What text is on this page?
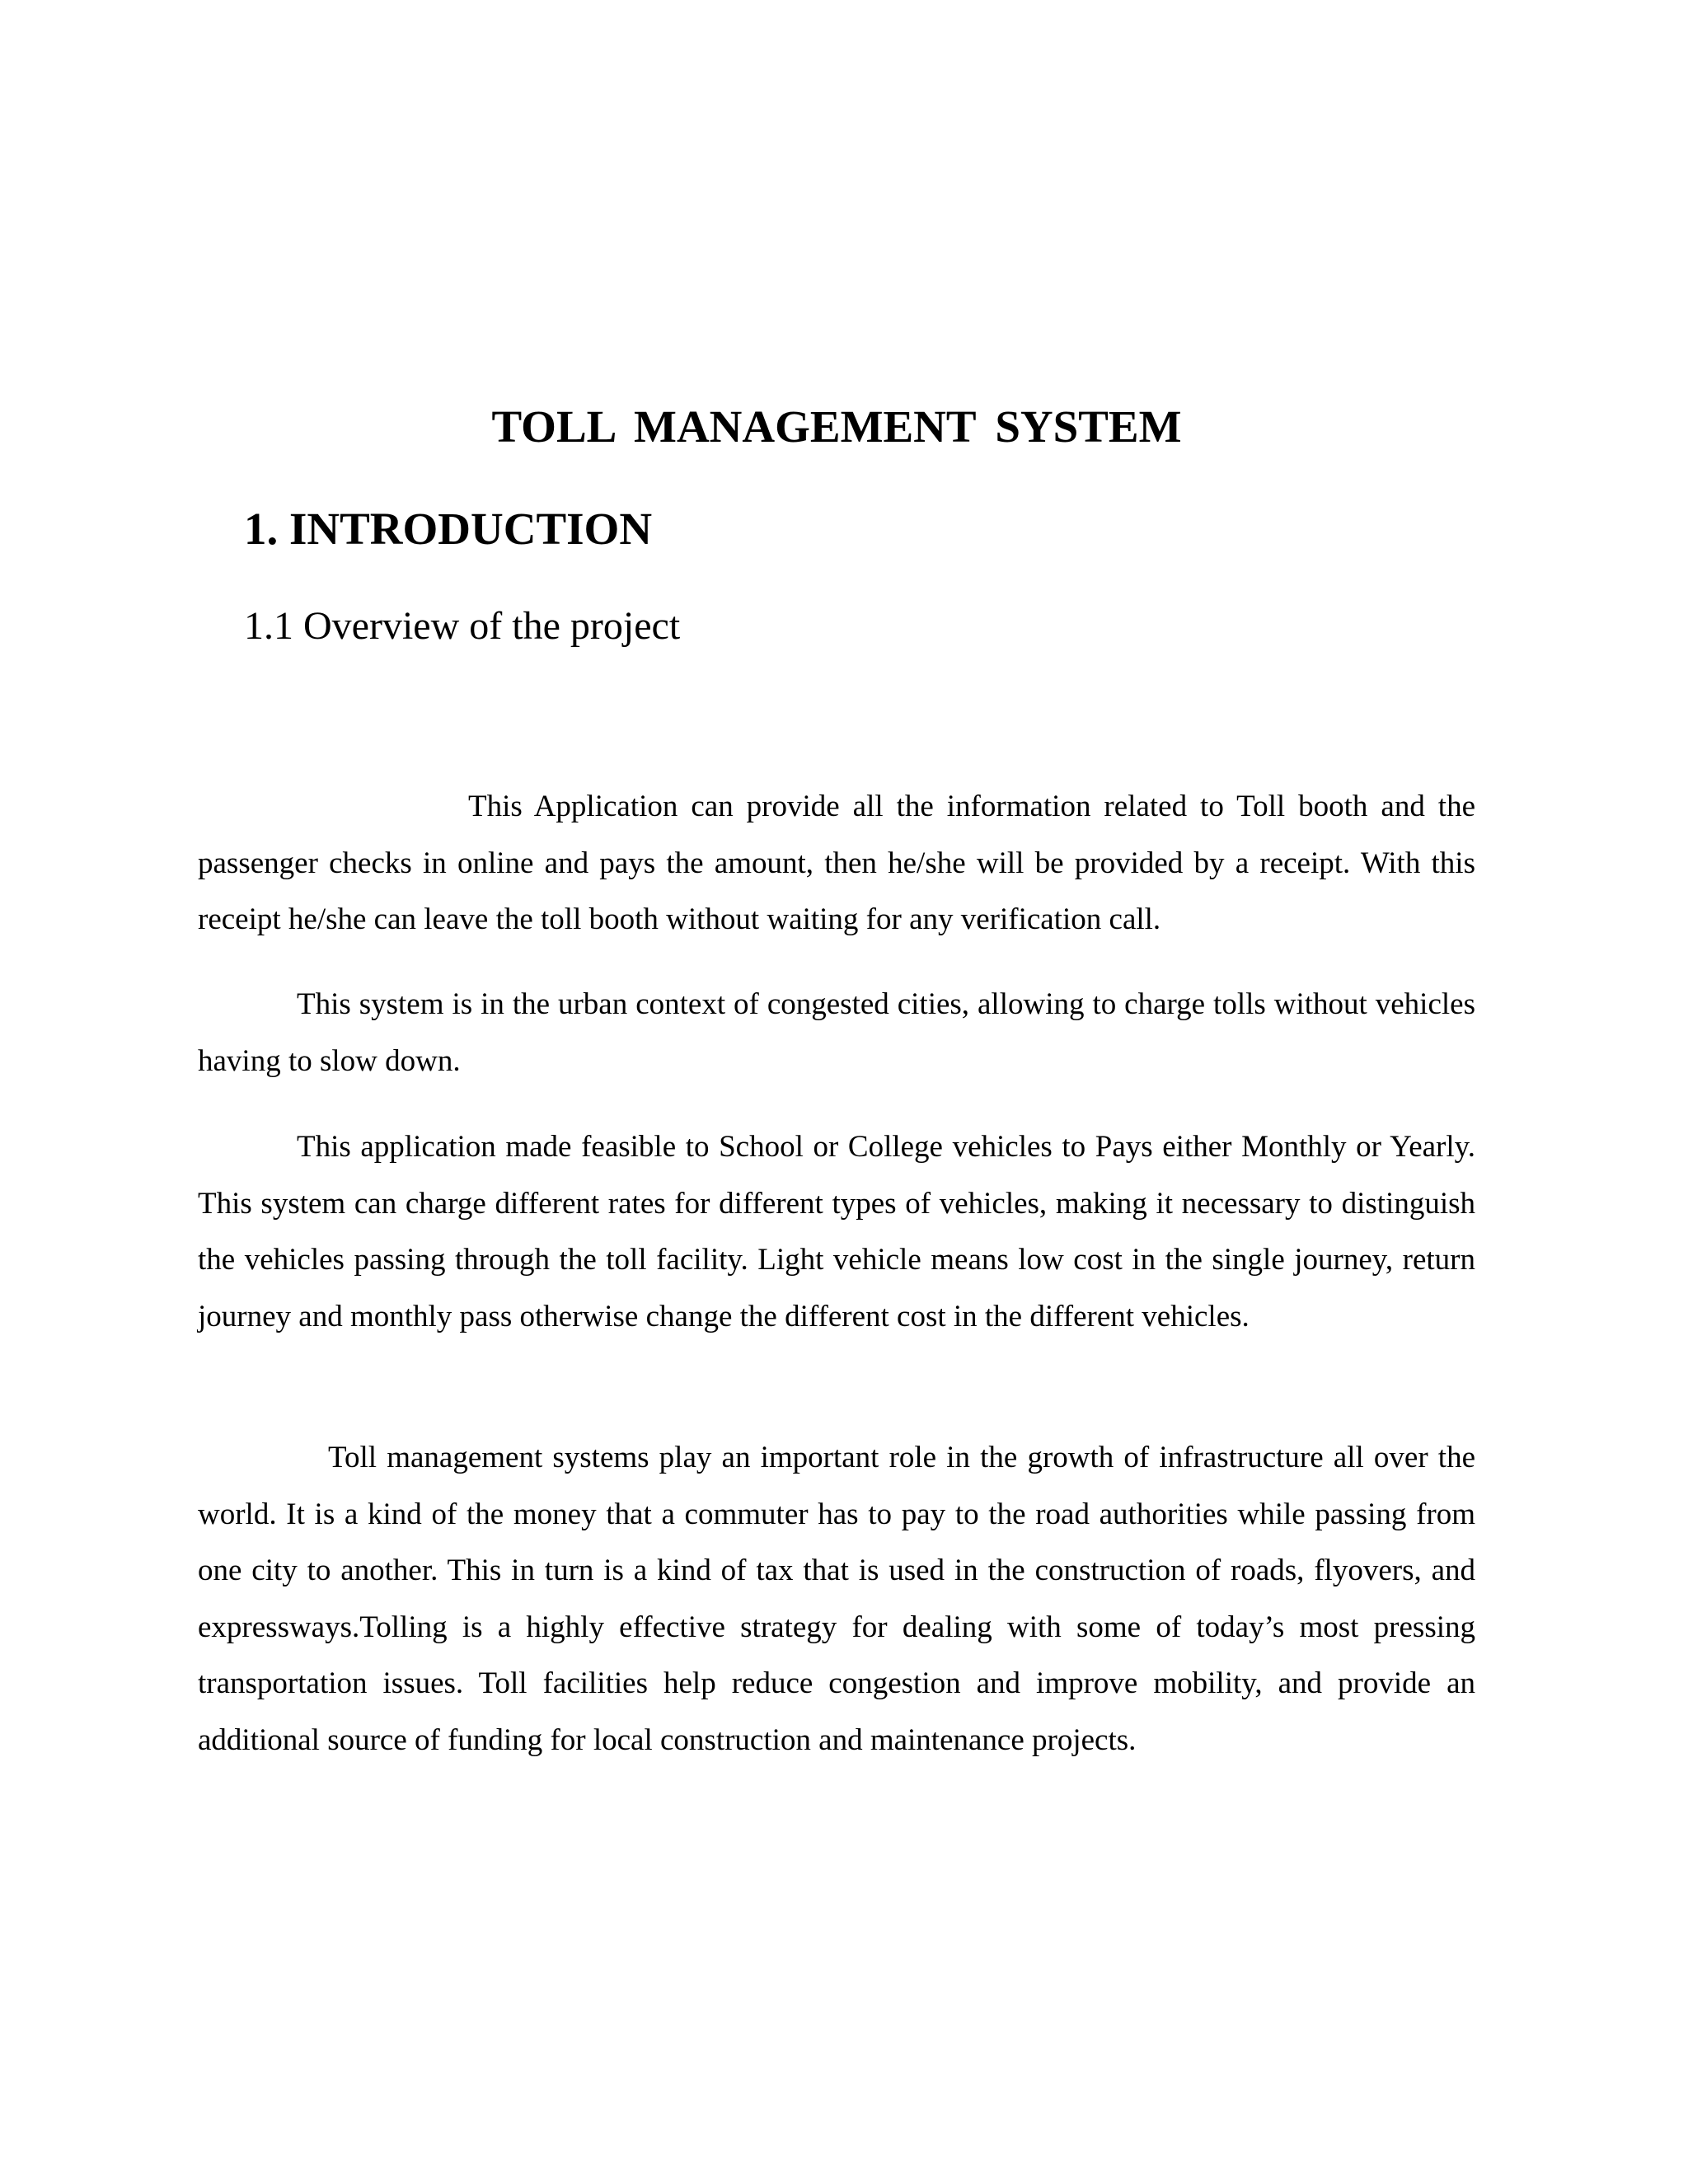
TOLL MANAGEMENT SYSTEM
1. INTRODUCTION
1.1 Overview of the project

This Application can provide all the information related to Toll booth and the passenger checks in online and pays the amount, then he/she will be provided by a receipt. With this receipt he/she can leave the toll booth without waiting for any verification call.

This system is in the urban context of congested cities, allowing to charge tolls without vehicles having to slow down.

This application made feasible to School or College vehicles to Pays either Monthly or Yearly. This system can charge different rates for different types of vehicles, making it necessary to distinguish the vehicles passing through the toll facility. Light vehicle means low cost in the single journey, return journey and monthly pass otherwise change the different cost in the different vehicles.

Toll management systems play an important role in the growth of infrastructure all over the world. It is a kind of the money that a commuter has to pay to the road authorities while passing from one city to another. This in turn is a kind of tax that is used in the construction of roads, flyovers, and expressways.Tolling is a highly effective strategy for dealing with some of today’s most pressing transportation issues. Toll facilities help reduce congestion and improve mobility, and provide an additional source of funding for local construction and maintenance projects.
